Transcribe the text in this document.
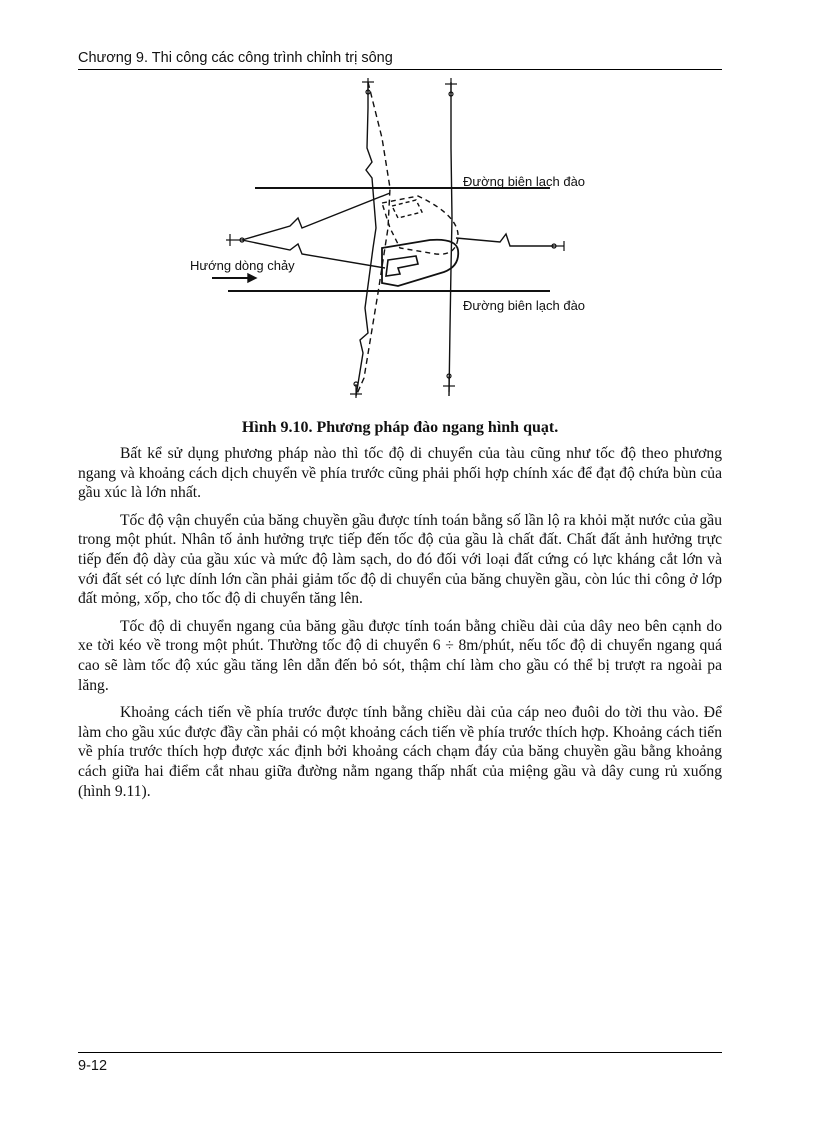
Chương 9. Thi công các công trình chỉnh trị sông
Đường biên lạch đào
Đường biên lạch đào
Hướng dòng chảy
Hình 9.10. Phương pháp đào ngang hình quạt.

Bất kể sử dụng phương pháp nào thì tốc độ di chuyển của tàu cũng như tốc độ theo phương ngang và khoảng cách dịch chuyển về phía trước cũng phải phối hợp chính xác để đạt độ chứa bùn của gầu xúc là lớn nhất.

Tốc độ vận chuyển của băng chuyền gầu được tính toán bằng số lần lộ ra khỏi mặt nước của gầu trong một phút. Nhân tố ảnh hưởng trực tiếp đến tốc độ của gầu là chất đất. Chất đất ảnh hưởng trực tiếp đến độ dày của gầu xúc và mức độ làm sạch, do đó đối với loại đất cứng có lực kháng cắt lớn và với đất sét có lực dính lớn cần phải giảm tốc độ di chuyển của băng chuyền gầu, còn lúc thi công ở lớp đất mỏng, xốp, cho tốc độ di chuyển tăng lên.

Tốc độ di chuyển ngang của băng gầu được tính toán bằng chiều dài của dây neo bên cạnh do xe tời kéo về trong một phút. Thường tốc độ di chuyển 6 ÷ 8m/phút, nếu tốc độ di chuyển ngang quá cao sẽ làm tốc độ xúc gầu tăng lên dẫn đến bỏ sót, thậm chí làm cho gầu có thể bị trượt ra ngoài pa lăng.

Khoảng cách tiến về phía trước được tính bằng chiều dài của cáp neo đuôi do tời thu vào. Để làm cho gầu xúc được đầy cần phải có một khoảng cách tiến về phía trước thích hợp. Khoảng cách tiến về phía trước thích hợp được xác định bởi khoảng cách chạm đáy của băng chuyền gầu bằng khoảng cách giữa hai điểm cắt nhau giữa đường nằm ngang thấp nhất của miệng gầu và dây cung rủ xuống (hình 9.11).

9-12
